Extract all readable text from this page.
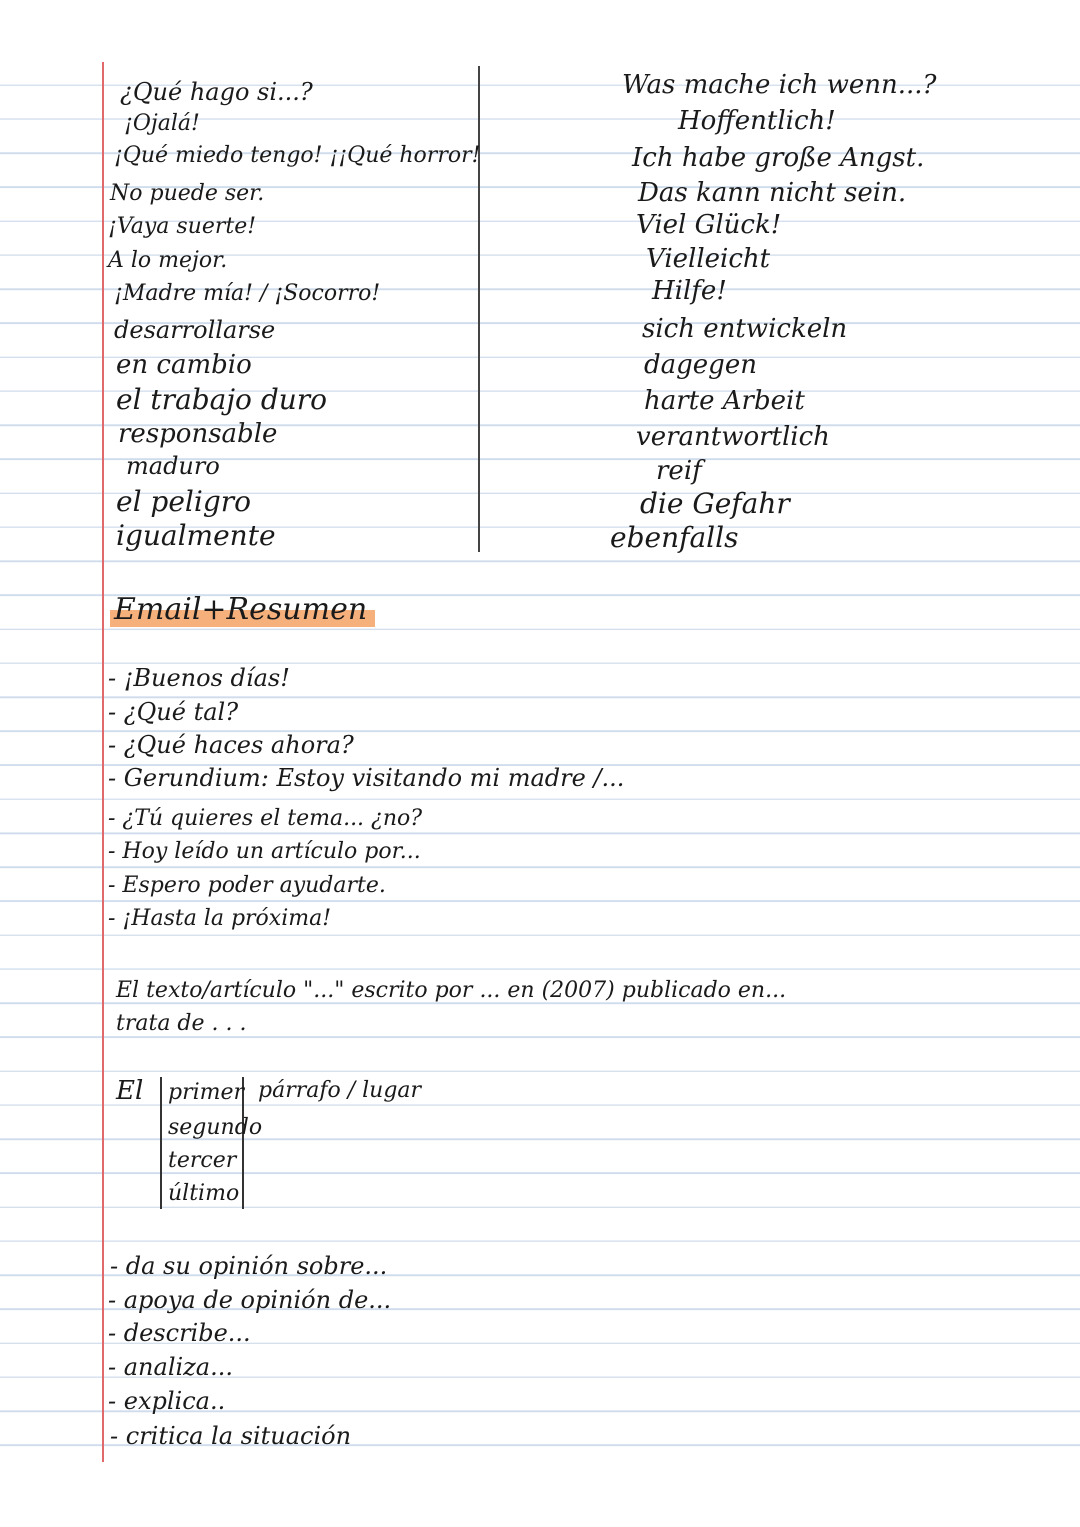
¿Qué hago si...?
¡Ojalá!
¡Qué miedo tengo! ¡¡Qué horror!
No puede ser.
¡Vaya suerte!
A lo mejor.
¡Madre mía! / ¡Socorro!
desarrollarse
en cambio
el trabajo duro
responsable
maduro
el peligro
igualmente
Was mache ich wenn...?
Hoffentlich!
Ich habe große Angst.
Das kann nicht sein.
Viel Glück!
Vielleicht
Hilfe!
sich entwickeln
dagegen
harte Arbeit
verantwortlich
reif
die Gefahr
ebenfalls
Email+Resumen
- ¡Buenos días!
- ¿Qué tal?
- ¿Qué haces ahora?
- Gerundium: Estoy visitando mi madre /...
- ¿Tú quieres el tema... ¿no?
- Hoy leído un artículo por...
- Espero poder ayudarte.
- ¡Hasta la próxima!
El texto/artículo "..." escrito por ... en (2007) publicado en...
trata de . . .
El primer
segundo
tercer
último
párrafo / lugar
- da su opinión sobre...
- apoya de opinión de...
- describe...
- analiza...
- explica..
- critica la situación
